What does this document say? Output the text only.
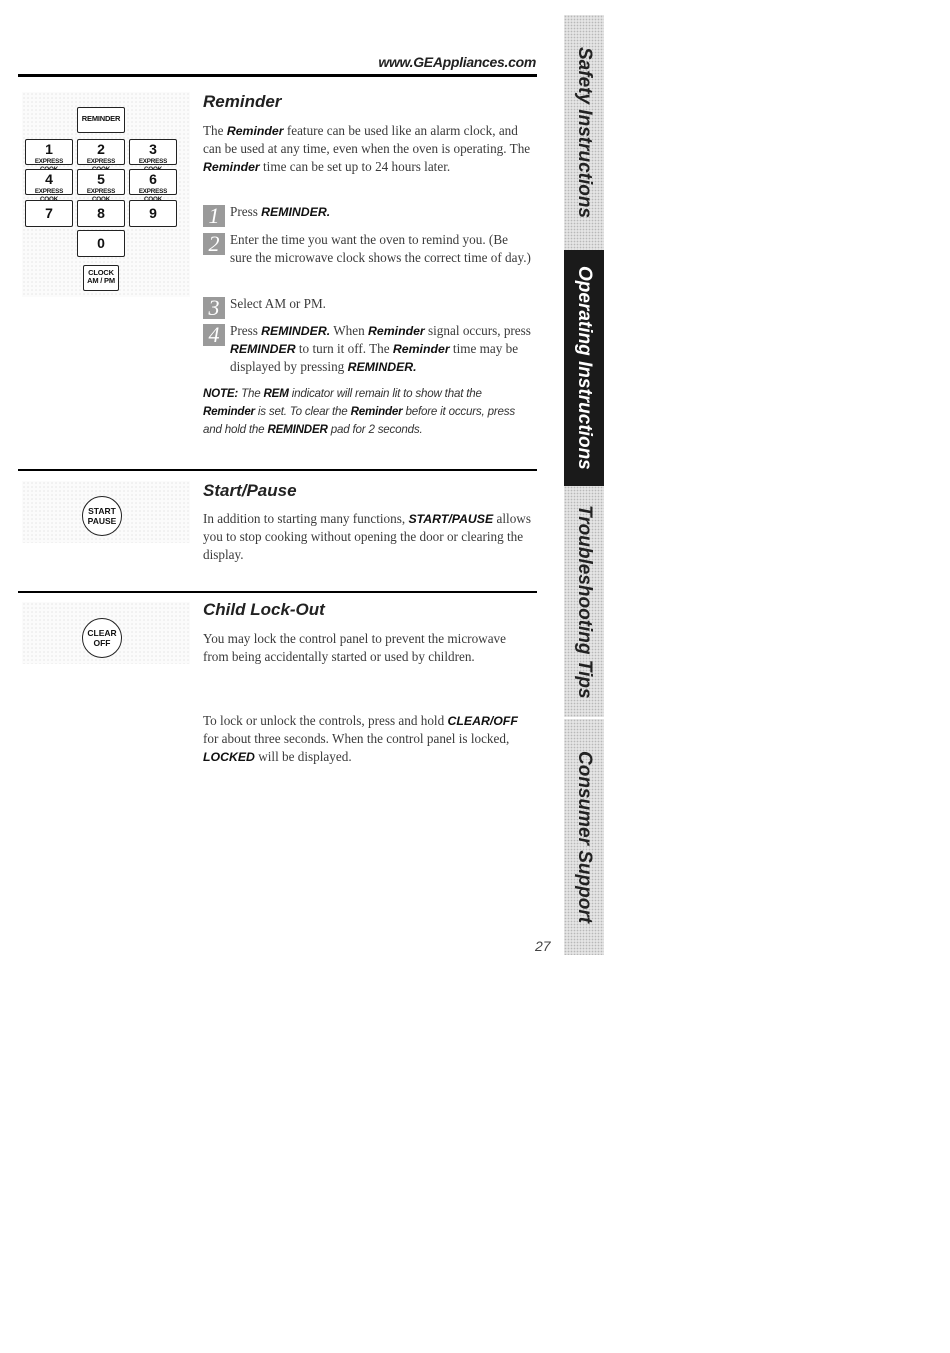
www.GEAppliances.com
REMINDER
1
EXPRESS
2
EXPRESS
3
EXPRESS
4
EXPRESS
5
EXPRESS
6
EXPRESS
7	8	9
0
CLOCK
AM / PM
Reminder
The Reminder feature can be used like an alarm clock, and can be used at any time, even when the oven is operating. The Reminder time can be set up to 24 hours later.
1 Press REMINDER.
2 Enter the time you want the oven to remind you. (Be sure the microwave clock shows the correct time of day.)
3 Select AM or PM.
4 Press REMINDER. When Reminder signal occurs, press REMINDER to turn it off. The Reminder time may be displayed by pressing REMINDER.
NOTE: The REM indicator will remain lit to show that the Reminder is set. To clear the Reminder before it occurs, press and hold the REMINDER pad for 2 seconds.
START
PAUSE
Start/Pause
In addition to starting many functions, START/PAUSE allows you to stop cooking without opening the door or clearing the display.
CLEAR
OFF
Child Lock-Out
You may lock the control panel to prevent the microwave from being accidentally started or used by children.
To lock or unlock the controls, press and hold CLEAR/OFF for about three seconds. When the control panel is locked, LOCKED will be displayed.
Safety Instructions
Operating Instructions
Troubleshooting Tips
Consumer Support
27
